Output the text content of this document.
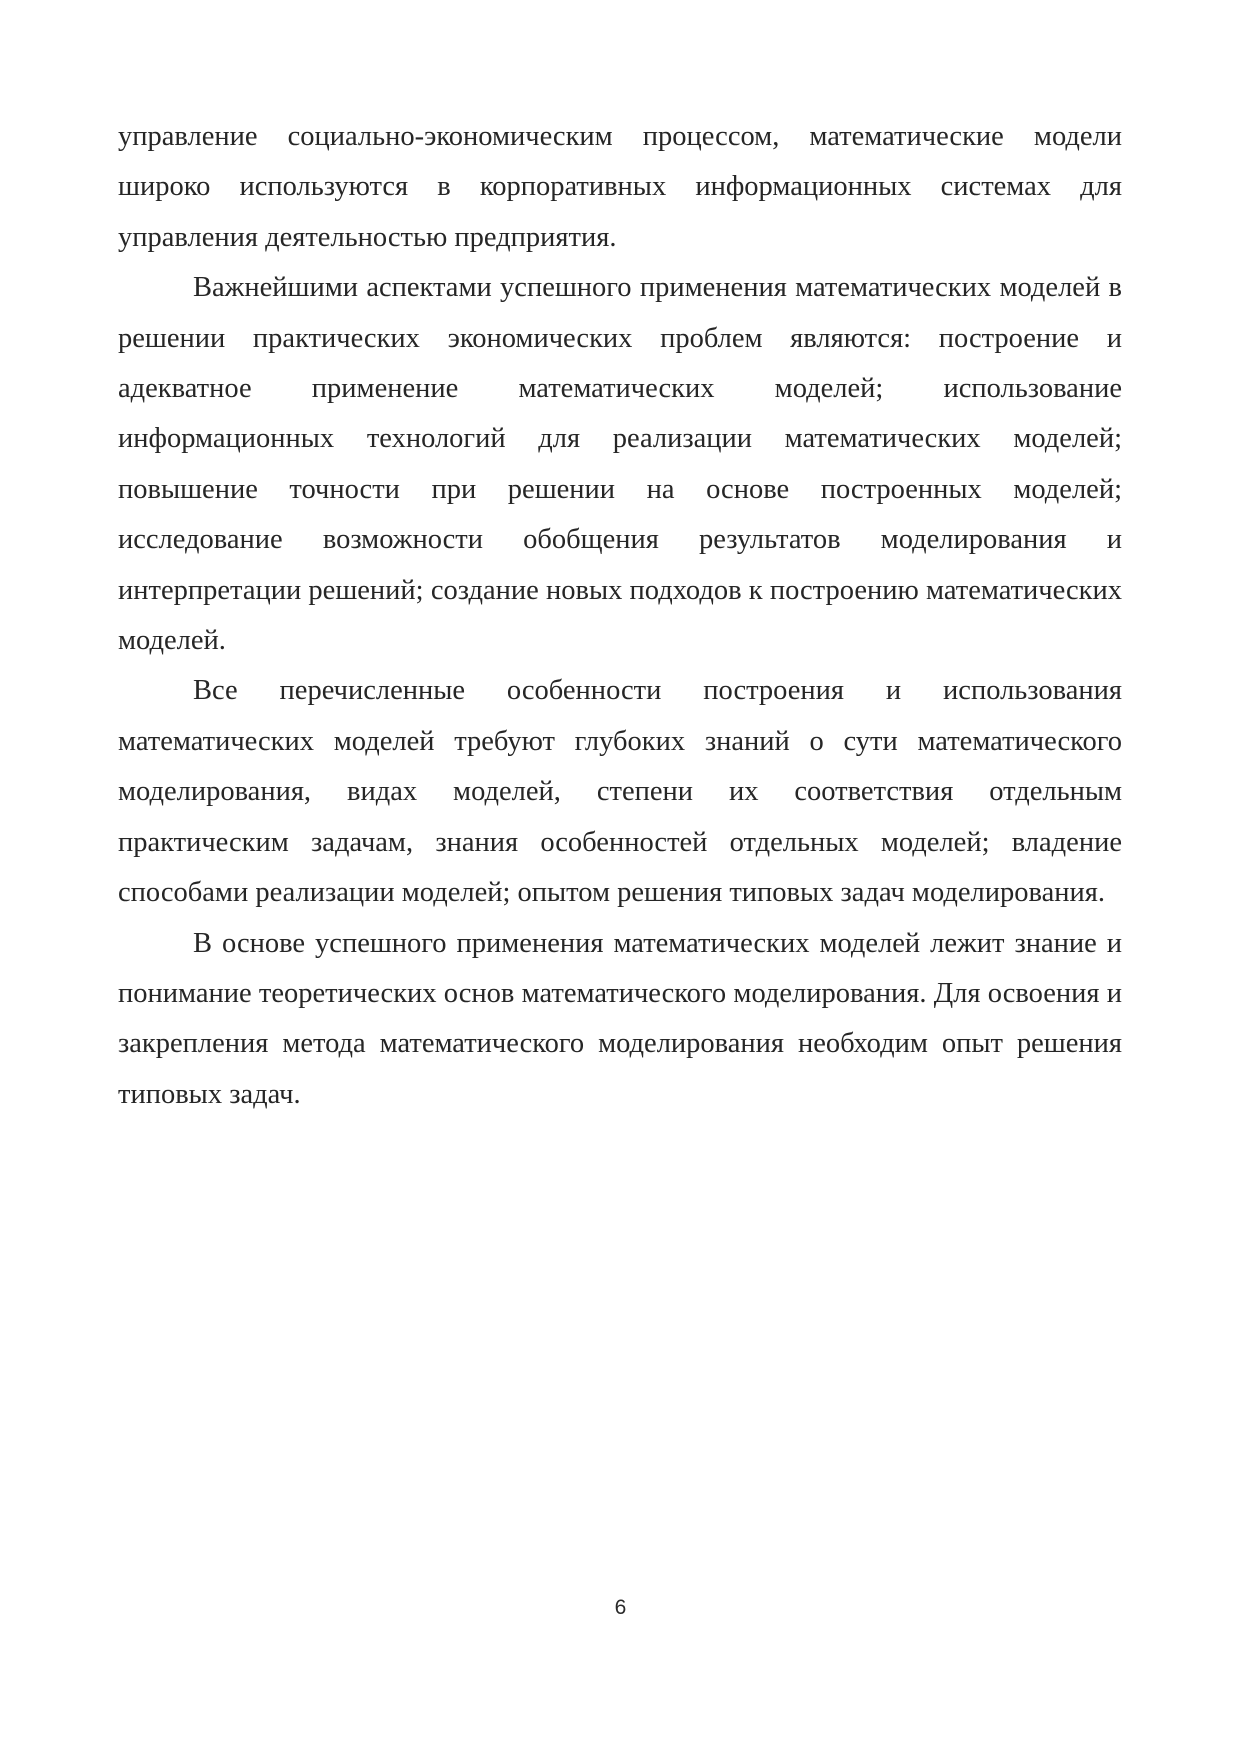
управление социально-экономическим процессом, математические модели широко используются в корпоративных информационных системах для управления деятельностью предприятия.

Важнейшими аспектами успешного применения математических моделей в решении практических экономических проблем являются: построение и адекватное применение математических моделей; использование информационных технологий для реализации математических моделей; повышение точности при решении на основе построенных моделей; исследование возможности обобщения результатов моделирования и интерпретации решений; создание новых подходов к построению математических моделей.

Все перечисленные особенности построения и использования математических моделей требуют глубоких знаний о сути математического моделирования, видах моделей, степени их соответствия отдельным практическим задачам, знания особенностей отдельных моделей; владение способами реализации моделей; опытом решения типовых задач моделирования.

В основе успешного применения математических моделей лежит знание и понимание теоретических основ математического моделирования. Для освоения и закрепления метода математического моделирования необходим опыт решения типовых задач.

6
